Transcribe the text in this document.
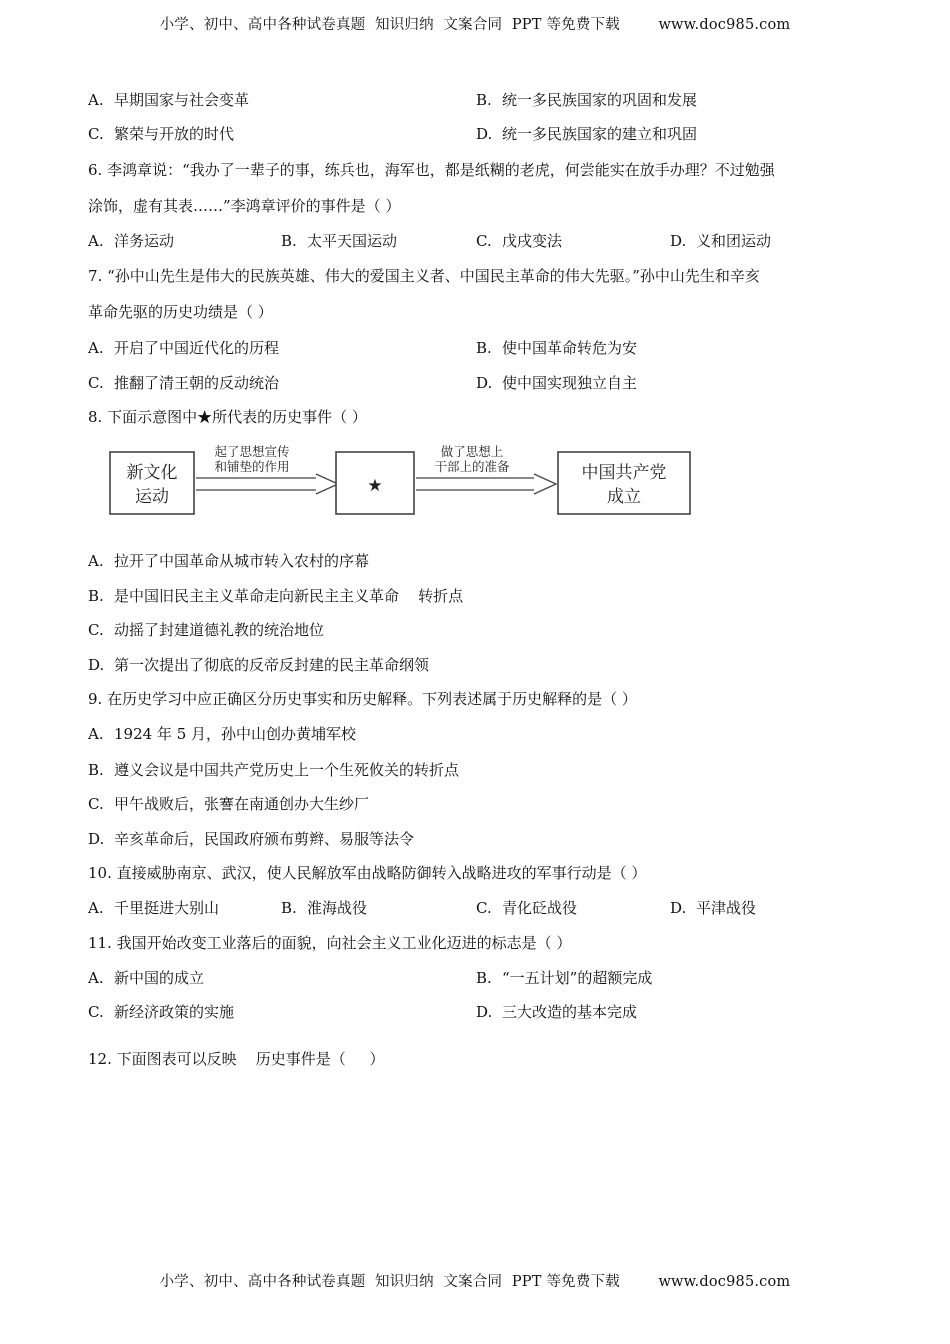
小学、初中、高中各种试卷真题  知识归纳  文案合同  PPT 等免费下载	www.doc985.com
A. 早期国家与社会变革	B. 统一多民族国家的巩固和发展
C. 繁荣与开放的时代	D. 统一多民族国家的建立和巩固
6. 李鸿章说：“我办了一辈子的事，练兵也，海军也，都是纸糊的老虎，何尝能实在放手办理？不过勉强
涂饰，虚有其表……”李鸿章评价的事件是（ ）
A. 洋务运动	B. 太平天国运动	C. 戊戌变法	D. 义和团运动
7. “孙中山先生是伟大的民族英雄、伟大的爱国主义者、中国民主革命的伟大先驱。”孙中山先生和辛亥
革命先驱的历史功绩是（ ）
A. 开启了中国近代化的历程	B. 使中国革命转危为安
C. 推翻了清王朝的反动统治	D. 使中国实现独立自主
8. 下面示意图中★所代表的历史事件（ ）
新文化
运动
起了思想宣传
和铺垫的作用
★
做了思想上
干部上的准备	中国共产党
成立
A. 拉开了中国革命从城市转入农村的序幕
B. 是中国旧民主主义革命走向新民主主义革命    转折点
C. 动摇了封建道德礼教的统治地位
D. 第一次提出了彻底的反帝反封建的民主革命纲领
9. 在历史学习中应正确区分历史事实和历史解释。下列表述属于历史解释的是（ ）
A. 1924 年 5 月，孙中山创办黄埔军校
B. 遵义会议是中国共产党历史上一个生死攸关的转折点
C. 甲午战败后，张謇在南通创办大生纱厂
D. 辛亥革命后，民国政府颁布剪辫、易服等法令
10. 直接威胁南京、武汉，使人民解放军由战略防御转入战略进攻的军事行动是（ ）
A. 千里挺进大别山	B. 淮海战役	C. 青化砭战役	D. 平津战役
11. 我国开始改变工业落后的面貌，向社会主义工业化迈进的标志是（ ）
A. 新中国的成立	B. “一五计划”的超额完成
C. 新经济政策的实施	D. 三大改造的基本完成
12. 下面图表可以反映    历史事件是（     ）
小学、初中、高中各种试卷真题  知识归纳  文案合同  PPT 等免费下载	www.doc985.com
